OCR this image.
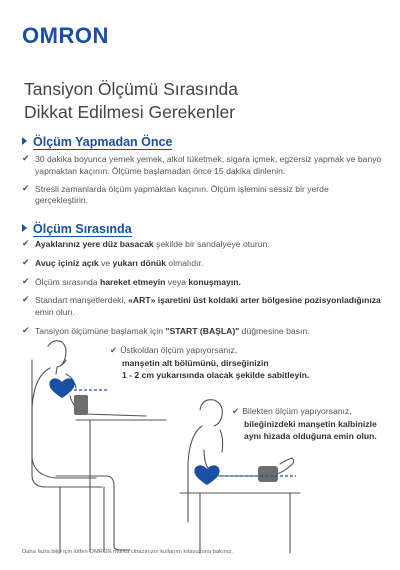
OMRON
Tansiyon Ölçümü Sırasında
Dikkat Edilmesi Gerekenler
Ölçüm Yapmadan Önce
✔ 30 dakika boyunca yemek yemek, alkol tüketmek, sigara içmek, egzersiz yapmak ve banyo yapmaktan kaçının. Ölçüme başlamadan önce 15 dakika dinlenin.
✔ Stresli zamanlarda ölçüm yapmaktan kaçının. Ölçüm işlemini sessiz bir yerde gerçekleştirin.
Ölçüm Sırasında
✔ Ayaklarınız yere düz basacak şekilde bir sandalyeye oturun.
✔ Avuç içiniz açık ve yukarı dönük olmalıdır.
✔ Ölçüm sırasında hareket etmeyin veya konuşmayın.
✔ Standart manşetlerdeki, «ART» işaretini üst koldaki arter bölgesine pozisyonladığınıza emin olun.
✔ Tansiyon ölçümüne başlamak için "START (BAŞLA)" düğmesine basın.
✔ Üstkoldan ölçüm yapıyorsanız,
manşetin alt bölümünü, dirseğinizin
1 - 2 cm yukarısında olacak şekilde sabitleyin.
✔ Bilekten ölçüm yapıyorsanız,
bileğinizdeki manşetin kalbinizle
aynı hizada olduğuna emin olun.
Daha fazla bilgi için lütfen OMRON marka cihazınızın kullanım kılavuzuna bakınız.
